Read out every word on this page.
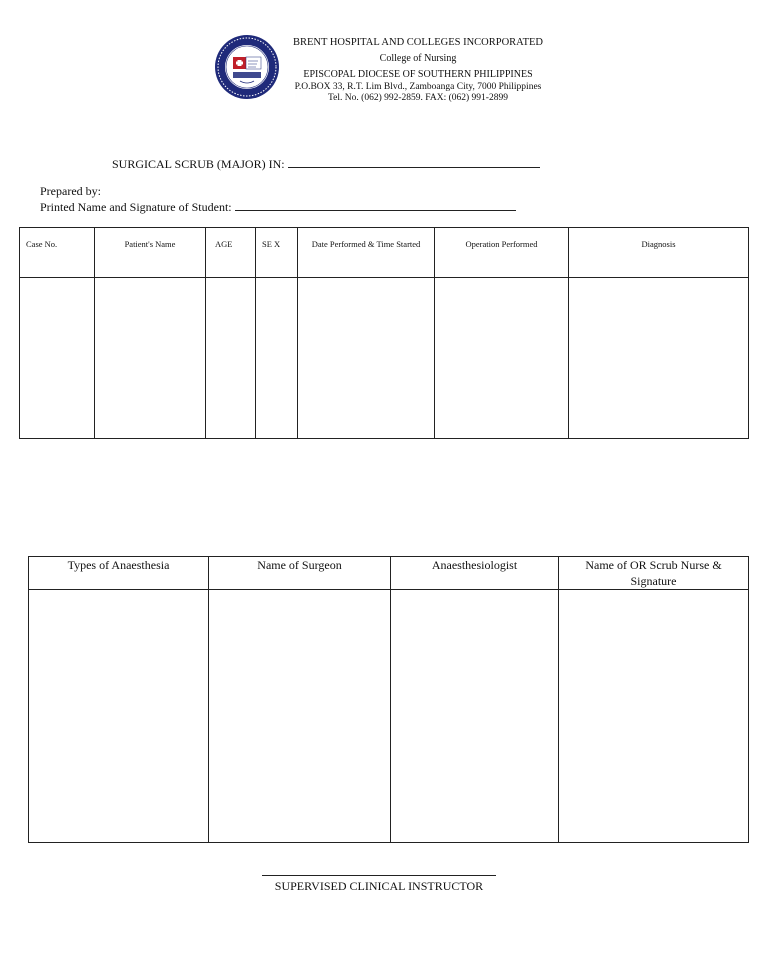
BRENT HOSPITAL AND COLLEGES INCORPORATED
College of Nursing
EPISCOPAL DIOCESE OF SOUTHERN PHILIPPINES
P.O.BOX 33, R.T. Lim Blvd., Zamboanga City, 7000 Philippines
Tel. No. (062) 992-2859. FAX: (062) 991-2899
SURGICAL SCRUB (MAJOR) IN:
Prepared by:
Printed Name and Signature of Student:
Case No.	Patient's Name	AGE	SE X	Date Performed & Time Started	Operation Performed	Diagnosis

Types of Anaesthesia	Name of Surgeon	Anaesthesiologist	Name of OR Scrub Nurse & Signature

SUPERVISED CLINICAL INSTRUCTOR
